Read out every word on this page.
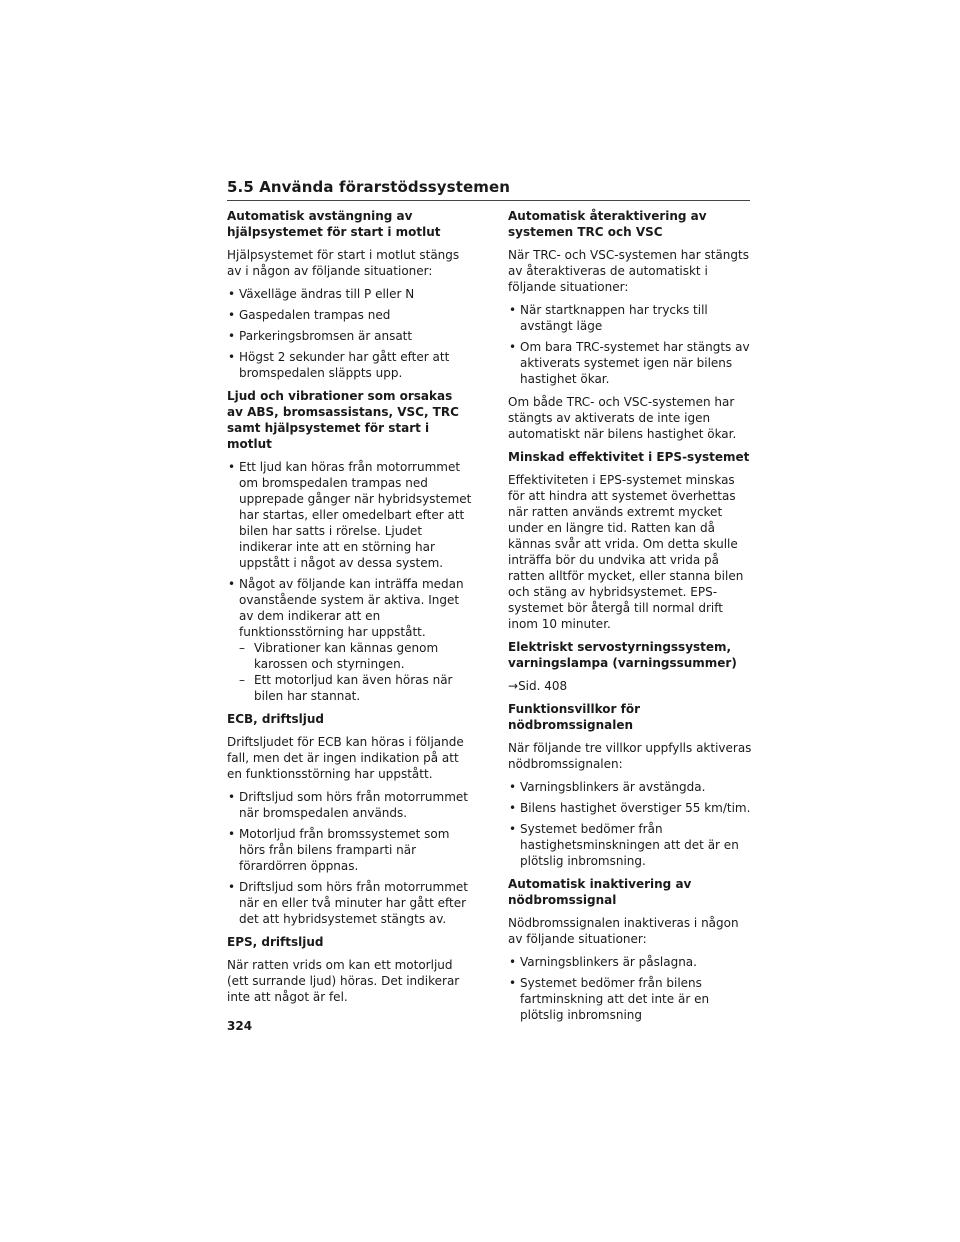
5.5 Använda förarstödssystemen

Automatisk avstängning av hjälpsystemet för start i motlut

Hjälpsystemet för start i motlut stängs av i någon av följande situationer:

• Växelläge ändras till P eller N
• Gaspedalen trampas ned
• Parkeringsbromsen är ansatt
• Högst 2 sekunder har gått efter att bromspedalen släppts upp.

Ljud och vibrationer som orsakas av ABS, bromsassistans, VSC, TRC samt hjälpsystemet för start i motlut

• Ett ljud kan höras från motorrummet om bromspedalen trampas ned upprepade gånger när hybridsystemet har startas, eller omedelbart efter att bilen har satts i rörelse. Ljudet indikerar inte att en störning har uppstått i något av dessa system.
• Något av följande kan inträffa medan ovanstående system är aktiva. Inget av dem indikerar att en funktionsstörning har uppstått.
– Vibrationer kan kännas genom karossen och styrningen.
– Ett motorljud kan även höras när bilen har stannat.

ECB, driftsljud

Driftsljudet för ECB kan höras i följande fall, men det är ingen indikation på att en funktionsstörning har uppstått.

• Driftsljud som hörs från motorrummet när bromspedalen används.
• Motorljud från bromssystemet som hörs från bilens framparti när förardörren öppnas.
• Driftsljud som hörs från motorrummet när en eller två minuter har gått efter det att hybridsystemet stängts av.

EPS, driftsljud

När ratten vrids om kan ett motorljud (ett surrande ljud) höras. Det indikerar inte att något är fel.

Automatisk återaktivering av systemen TRC och VSC

När TRC- och VSC-systemen har stängts av återaktiveras de automatiskt i följande situationer:

• När startknappen har trycks till avstängt läge
• Om bara TRC-systemet har stängts av aktiverats systemet igen när bilens hastighet ökar.

Om både TRC- och VSC-systemen har stängts av aktiverats de inte igen automatiskt när bilens hastighet ökar.

Minskad effektivitet i EPS-systemet

Effektiviteten i EPS-systemet minskas för att hindra att systemet överhettas när ratten används extremt mycket under en längre tid. Ratten kan då kännas svår att vrida. Om detta skulle inträffa bör du undvika att vrida på ratten alltför mycket, eller stanna bilen och stäng av hybridsystemet. EPS-systemet bör återgå till normal drift inom 10 minuter.

Elektriskt servostyrningssystem, varningslampa (varningssummer)

→Sid. 408

Funktionsvillkor för nödbromssignalen

När följande tre villkor uppfylls aktiveras nödbromssignalen:

• Varningsblinkers är avstängda.
• Bilens hastighet överstiger 55 km/tim.
• Systemet bedömer från hastighetsminskningen att det är en plötslig inbromsning.

Automatisk inaktivering av nödbromssignal

Nödbromssignalen inaktiveras i någon av följande situationer:

• Varningsblinkers är påslagna.
• Systemet bedömer från bilens fartminskning att det inte är en plötslig inbromsning

324
